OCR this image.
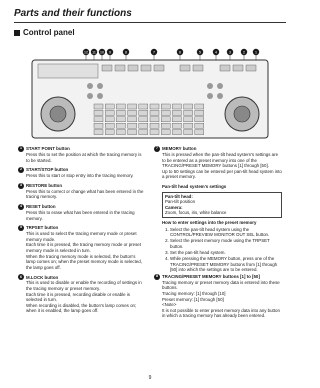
Parts and their functions
Control panel
12 11 10 9	8	7	6	5	4	3	2	1
1 START POINT button

Press this to set the position at which the tracing memory is to be started.

2 START/STOP button

Press this to start or stop entry into the tracing memory.

3 RESTORE button

Press this to correct or change what has been entered in the tracing memory.

4 RESET button

Press this to erase what has been entered in the tracing memory.

5 TRPSET button

This is used to select the tracing memory mode or preset memory mode.

Each time it is pressed, the tracing memory mode or preset memory mode is selected in turn.

When the tracing memory mode is selected, the button's lamp comes on; when the preset memory mode is selected, the lamp goes off.

6 M.LOCK button

This is used to disable or enable the recording of settings in the tracing memory or preset memory.

Each time it is pressed, recording disable or enable is selected in turn.

When recording is disabled, the button's lamp comes on; when it is enabled, the lamp goes off.

7 MEMORY button

This is pressed when the pan-tilt head system's settings are to be entered as a preset memory into one of the TRACING/PRESET MEMORY buttons [1] through [50].

Up to 50 settings can be entered per pan-tilt head system into a preset memory.

Pan-tilt head system's settings
Pan-tilt head:
Pan-tilt position
Camera:
Zoom, focus, iris, white balance
How to enter settings into the preset memory
1. Select the pan-tilt head system using the CONTROL/PREVIEW MONITOR OUT SEL button.
2. Select the preset memory mode using the TRPSET button.
3. Set the pan-tilt head system.
4. While pressing the MEMORY button, press one of the TRACING/PRESET MEMORY buttons from [1] through [50] into which the settings are to be entered.
8 TRACING/PRESET MEMORY buttons [1] to [50]

Tracing memory or preset memory data is entered into these buttons.

Tracing memory: [1] through [10]

Preset memory: [1] through [50]

<Note>

It is not possible to enter preset memory data into any button in which a tracing memory has already been entered.

9
